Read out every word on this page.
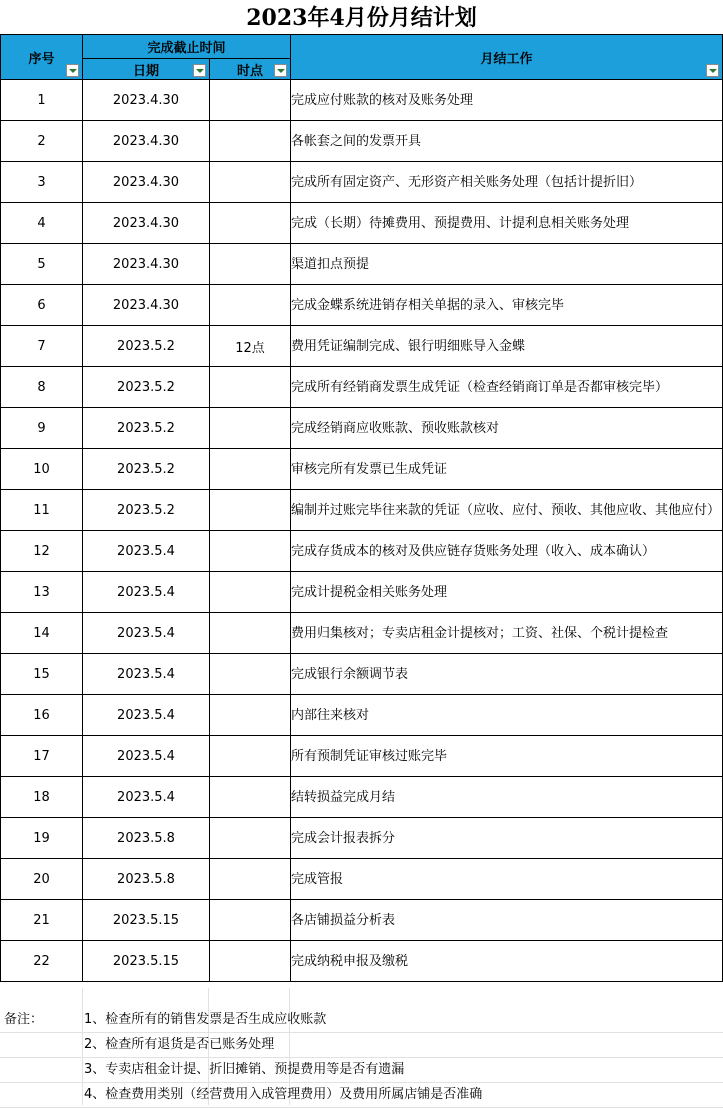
2023年4月份月结计划
序号	完成截止时间		月结工作

	日期	时点	

1	2023.4.30		完成应付账款的核对及账务处理
2	2023.4.30		各帐套之间的发票开具
3	2023.4.30		完成所有固定资产、无形资产相关账务处理（包括计提折旧）
4	2023.4.30		完成（长期）待摊费用、预提费用、计提利息相关账务处理
5	2023.4.30		渠道扣点预提
6	2023.4.30		完成金蝶系统进销存相关单据的录入、审核完毕
7	2023.5.2	12点	费用凭证编制完成、银行明细账导入金蝶
8	2023.5.2		完成所有经销商发票生成凭证（检查经销商订单是否都审核完毕）
9	2023.5.2		完成经销商应收账款、预收账款核对
10	2023.5.2		审核完所有发票已生成凭证
11	2023.5.2		编制并过账完毕往来款的凭证（应收、应付、预收、其他应收、其他应付）
12	2023.5.4		完成存货成本的核对及供应链存货账务处理（收入、成本确认）
13	2023.5.4		完成计提税金相关账务处理
14	2023.5.4		费用归集核对；专卖店租金计提核对；工资、社保、个税计提检查
15	2023.5.4		完成银行余额调节表
16	2023.5.4		内部往来核对
17	2023.5.4		所有预制凭证审核过账完毕
18	2023.5.4		结转损益完成月结
19	2023.5.8		完成会计报表拆分
20	2023.5.8		完成管报
21	2023.5.15		各店铺损益分析表
22	2023.5.15		完成纳税申报及缴税
备注：	1、检查所有的销售发票是否生成应收账款
2、检查所有退货是否已账务处理
3、专卖店租金计提、折旧摊销、预提费用等是否有遗漏
4、检查费用类别（经营费用入成管理费用）及费用所属店铺是否准确
